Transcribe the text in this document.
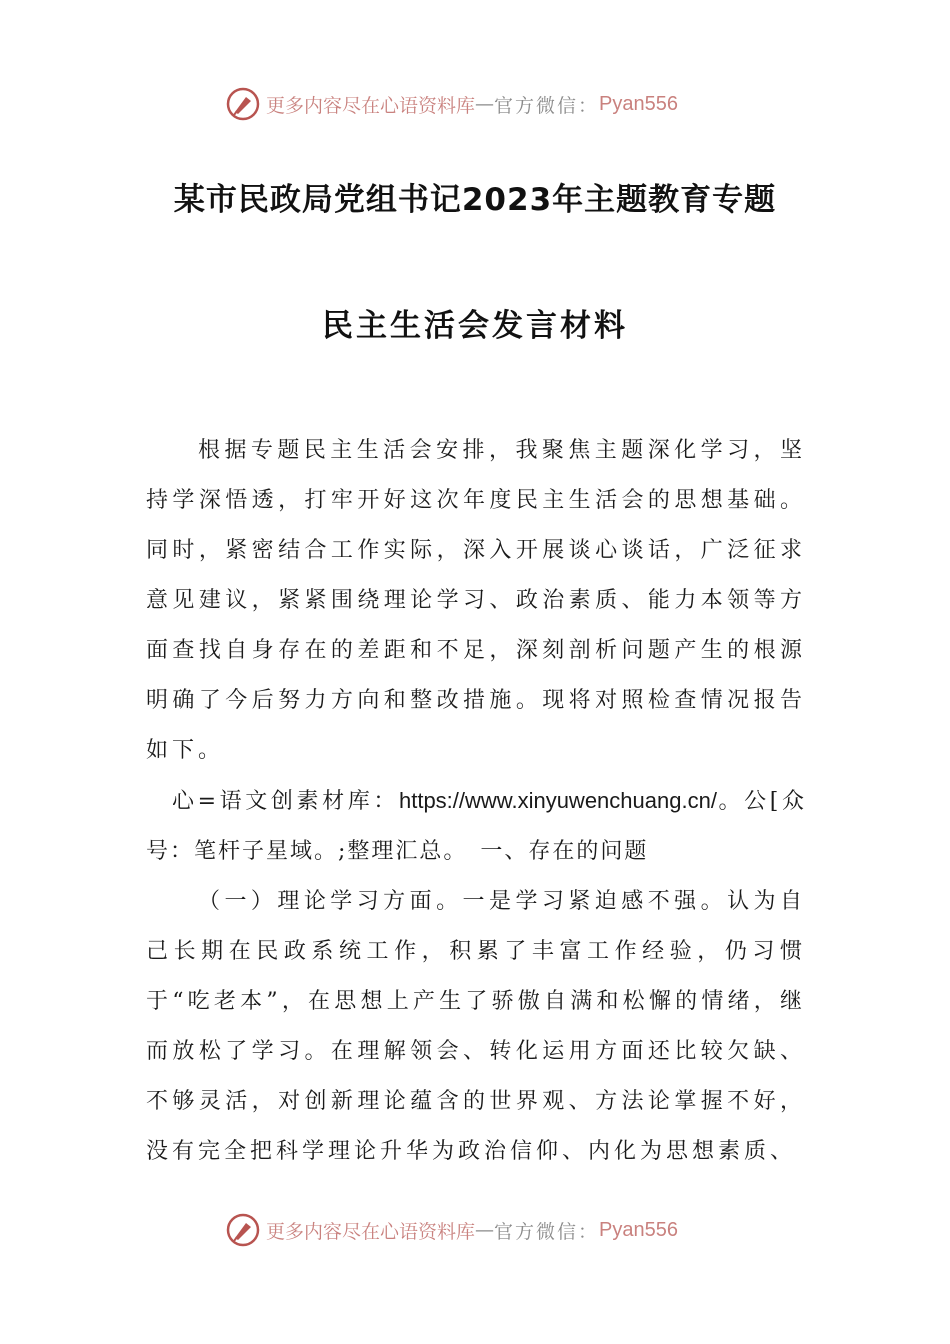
更多内容尽在心语资料库 — 官方微信： Pyan556
某市民政局党组书记2023年主题教育专题
民主生活会发言材料

根据专题民主生活会安排，我聚焦主题深化学习，坚持学深悟透，打牢开好这次年度民主生活会的思想基础。同时，紧密结合工作实际，深入开展谈心谈话，广泛征求意见建议，紧紧围绕理论学习、政治素质、能力本领等方面查找自身存在的差距和不足，深刻剖析问题产生的根源明确了今后努力方向和整改措施。现将对照检查情况报告如下。

心=语文创素材库：https://www.xinyuwenchuang.cn/。公[众号：笔杆子星域。;整理汇总。　一、存在的问题

（一）理论学习方面。一是学习紧迫感不强。认为自己长期在民政系统工作，积累了丰富工作经验，仍习惯于“吃老本”，在思想上产生了骄傲自满和松懈的情绪，继而放松了学习。在理解领会、转化运用方面还比较欠缺、不够灵活，对创新理论蕴含的世界观、方法论掌握不好，没有完全把科学理论升华为政治信仰、内化为思想素质、

更多内容尽在心语资料库 — 官方微信： Pyan556
